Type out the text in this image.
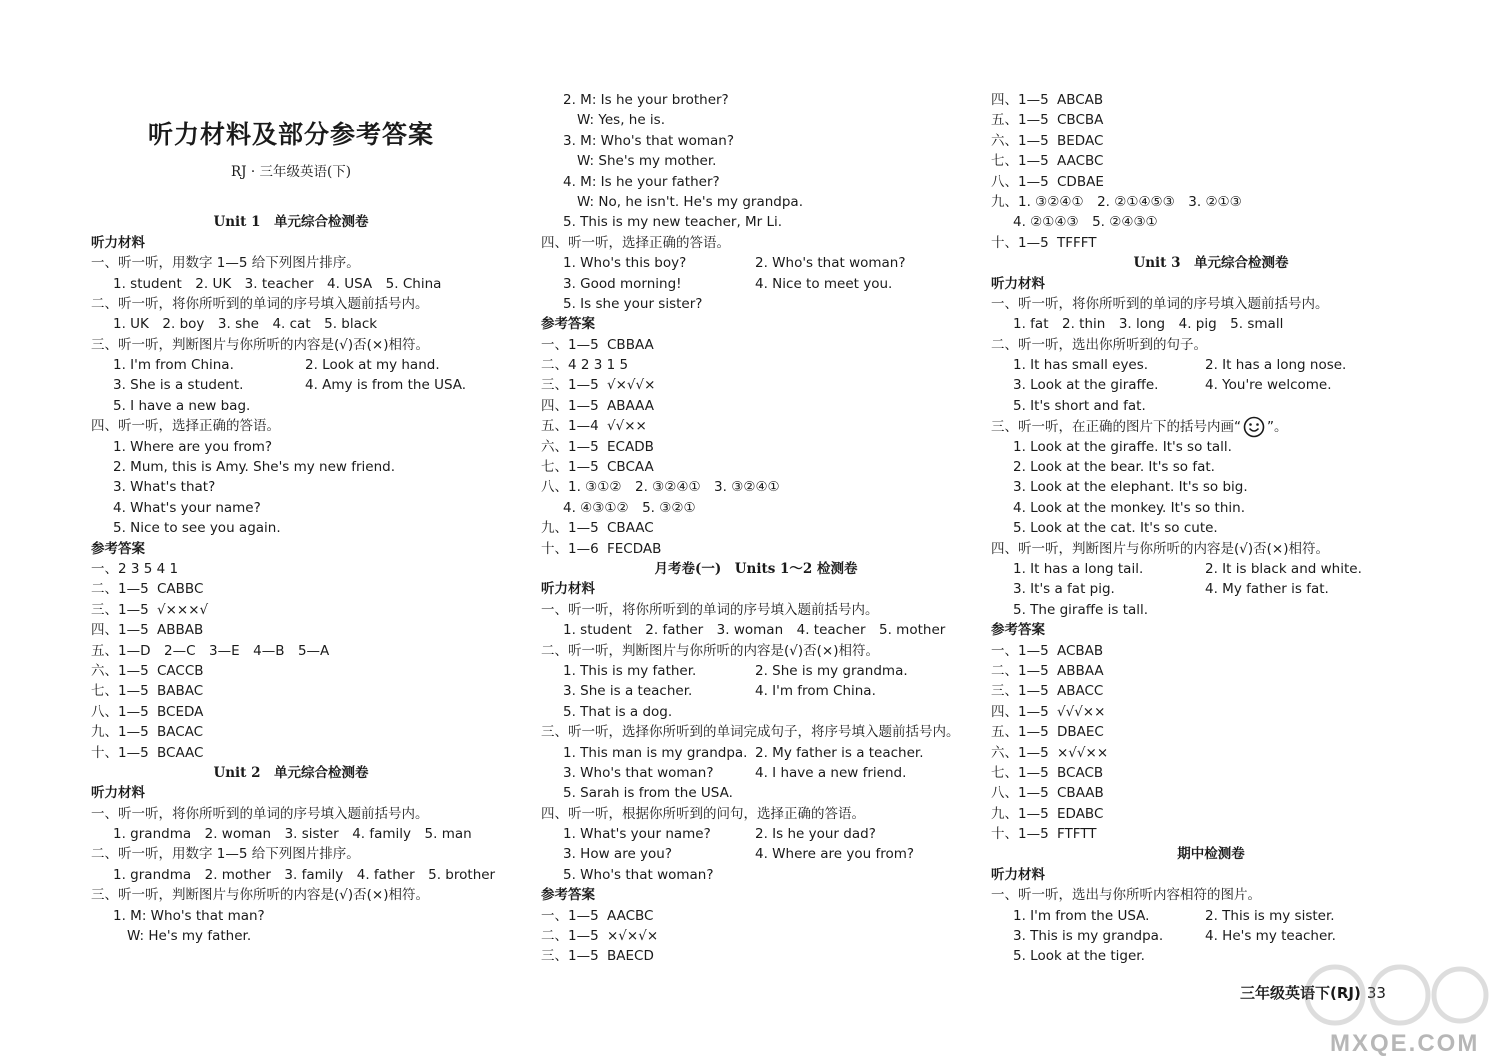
听力材料及部分参考答案
RJ · 三年级英语(下)
Unit 1　单元综合检测卷
听力材料
一、听一听，用数字 1—5 给下列图片排序。
1. student　2. UK　3. teacher　4. USA　5. China
二、听一听，将你所听到的单词的序号填入题前括号内。
1. UK　2. boy　3. she　4. cat　5. black
三、听一听，判断图片与你所听的内容是(√)否(×)相符。
1. I'm from China.	2. Look at my hand.
3. She is a student.	4. Amy is from the USA.
5. I have a new bag.
四、听一听，选择正确的答语。
1. Where are you from?
2. Mum, this is Amy. She's my new friend.
3. What's that?
4. What's your name?
5. Nice to see you again.
参考答案
一、2 3 5 4 1
二、1—5 CABBC
三、1—5 √×××√
四、1—5 ABBAB
五、1—D　2—C　3—E　4—B　5—A
六、1—5 CACCB
七、1—5 BABAC
八、1—5 BCEDA
九、1—5 BACAC
十、1—5 BCAAC
Unit 2　单元综合检测卷
听力材料
一、听一听，将你所听到的单词的序号填入题前括号内。
1. grandma　2. woman　3. sister　4. family　5. man
二、听一听，用数字 1—5 给下列图片排序。
1. grandma　2. mother　3. family　4. father　5. brother
三、听一听，判断图片与你所听的内容是(√)否(×)相符。
1. M: Who's that man?
W: He's my father.
2. M: Is he your brother?
W: Yes, he is.
3. M: Who's that woman?
W: She's my mother.
4. M: Is he your father?
W: No, he isn't. He's my grandpa.
5. This is my new teacher, Mr Li.
四、听一听，选择正确的答语。
1. Who's this boy?	2. Who's that woman?
3. Good morning!	4. Nice to meet you.
5. Is she your sister?
参考答案
一、1—5 CBBAA
二、4 2 3 1 5
三、1—5 √×√√×
四、1—5 ABAAA
五、1—4 √√××
六、1—5 ECADB
七、1—5 CBCAA
八、1. ③①②　2. ③②④①　3. ③②④①
4. ④③①②　5. ③②①
九、1—5 CBAAC
十、1—6 FECDAB
月考卷(一)　Units 1～2 检测卷
听力材料
一、听一听，将你所听到的单词的序号填入题前括号内。
1. student　2. father　3. woman　4. teacher　5. mother
二、听一听，判断图片与你所听的内容是(√)否(×)相符。
1. This is my father.	2. She is my grandma.
3. She is a teacher.	4. I'm from China.
5. That is a dog.
三、听一听，选择你所听到的单词完成句子，将序号填入题前括号内。
1. This man is my grandpa. 2. My father is a teacher.
3. Who's that woman?	4. I have a new friend.
5. Sarah is from the USA.
四、听一听，根据你所听到的问句，选择正确的答语。
1. What's your name?	2. Is he your dad?
3. How are you?	4. Where are you from?
5. Who's that woman?
参考答案
一、1—5 AACBC
二、1—5 ×√×√×
三、1—5 BAECD
四、1—5 ABCAB
五、1—5 CBCBA
六、1—5 BEDAC
七、1—5 AACBC
八、1—5 CDBAE
九、1. ③②④①　2. ②①④⑤③　3. ②①③
4. ②①④③　5. ②④③①
十、1—5 TFFFT
Unit 3　单元综合检测卷
听力材料
一、听一听，将你所听到的单词的序号填入题前括号内。
1. fat　2. thin　3. long　4. pig　5. small
二、听一听，选出你所听到的句子。
1. It has small eyes.	2. It has a long nose.
3. Look at the giraffe.	4. You're welcome.
5. It's short and fat.
三、听一听，在正确的图片下的括号内画“ ”。
1. Look at the giraffe. It's so tall.
2. Look at the bear. It's so fat.
3. Look at the elephant. It's so big.
4. Look at the monkey. It's so thin.
5. Look at the cat. It's so cute.
四、听一听，判断图片与你所听的内容是(√)否(×)相符。
1. It has a long tail.	2. It is black and white.
3. It's a fat pig.	4. My father is fat.
5. The giraffe is tall.
参考答案
一、1—5 ACBAB
二、1—5 ABBAA
三、1—5 ABACC
四、1—5 √√√××
五、1—5 DBAEC
六、1—5 ×√√××
七、1—5 BCACB
八、1—5 CBAAB
九、1—5 EDABC
十、1—5 FTFTT
期中检测卷
听力材料
一、听一听，选出与你所听内容相符的图片。
1. I'm from the USA.	2. This is my sister.
3. This is my grandpa.	4. He's my teacher.
5. Look at the tiger.
三年级英语下(RJ) 33
MXQE.COM
